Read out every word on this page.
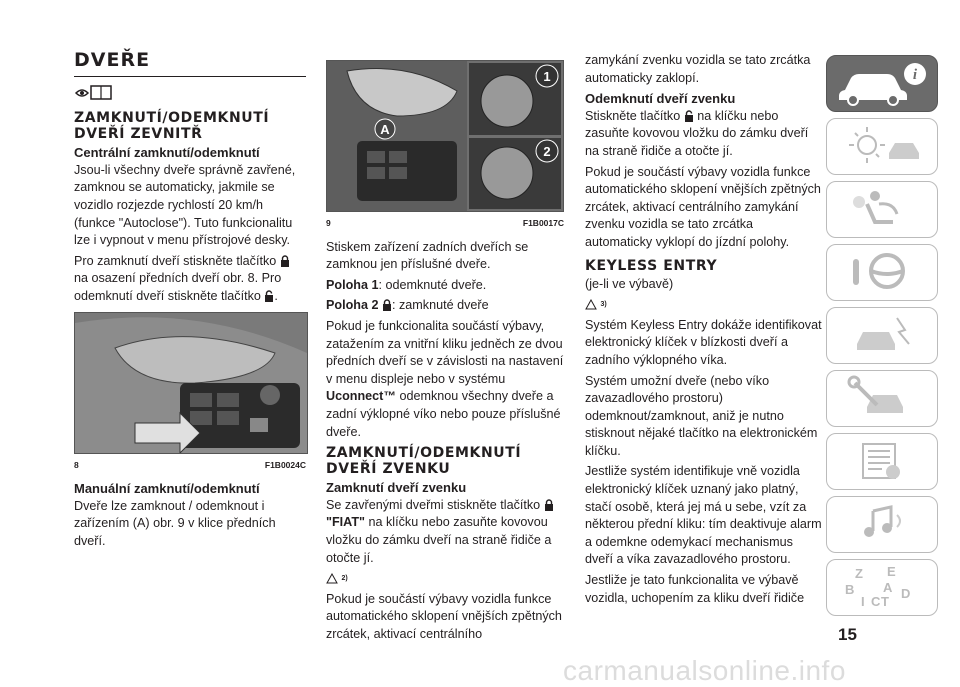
DVEŘE
ZAMKNUTÍ/ODEMKNUTÍ DVEŘÍ ZEVNITŘ
Centrální zamknutí/odemknutí

Jsou-li všechny dveře správně zavřené, zamknou se automaticky, jakmile se vozidlo rozjezde rychlostí 20 km/h (funkce "Autoclose"). Tuto funkcionalitu lze i vypnout v menu přístrojové desky.

Pro zamknutí dveří stiskněte tlačítko  na osazení předních dveří obr. 8. Pro odemknutí dveří stiskněte tlačítko .

8	F1B0024C
Manuální zamknutí/odemknutí

Dveře lze zamknout / odemknout i zařízením (A) obr. 9 v klice předních dveří.

A
1
2
9	F1B0017C

Stiskem zařízení zadních dveřích se zamknou jen příslušné dveře.

Poloha 1: odemknuté dveře.

Poloha 2 : zamknuté dveře

Pokud je funkcionalita součástí výbavy, zatažením za vnitřní kliku jedněch ze dvou předních dveří se v závislosti na nastavení v menu displeje nebo v systému Uconnect™ odemknou všechny dveře a zadní výklopné víko nebo pouze příslušné dveře.

ZAMKNUTÍ/ODEMKNUTÍ DVEŘÍ ZVENKU
Zamknutí dveří zvenku

Se zavřenými dveřmi stiskněte tlačítko  "FIAT" na klíčku nebo zasuňte kovovou vložku do zámku dveří na straně řidiče a otočte jí.

$^{2)}$

Pokud je součástí výbavy vozidla funkce automatického sklopení vnějších zpětných zrcátek, aktivací centrálního

zamykání zvenku vozidla se tato zrcátka automaticky zaklopí.

Odemknutí dveří zvenku

Stiskněte tlačítko  na klíčku nebo zasuňte kovovou vložku do zámku dveří na straně řidiče a otočte jí.

Pokud je součástí výbavy vozidla funkce automatického sklopení vnějších zpětných zrcátek, aktivací centrálního zamykání zvenku vozidla se tato zrcátka automaticky vyklopí do jízdní polohy.

KEYLESS ENTRY

(je-li ve výbavě)

$^{3)}$

Systém Keyless Entry dokáže identifikovat elektronický klíček v blízkosti dveří a zadního výklopného víka.

Systém umožní dveře (nebo víko zavazadlového prostoru) odemknout/zamknout, aniž je nutno stisknout nějaké tlačítko na elektronickém klíčku.

Jestliže systém identifikuje vně vozidla elektronický klíček uznaný jako platný, stačí osobě, která jej má u sebe, vzít za některou přední kliku: tím deaktivuje alarm a odemkne odemykací mechanismus dveří a víka zavazadlového prostoru.

Jestliže je tato funkcionalita ve výbavě vozidla, uchopením za kliku dveří řidiče

i
Z E
B A
I C T
D
15
carmanualsonline.info
